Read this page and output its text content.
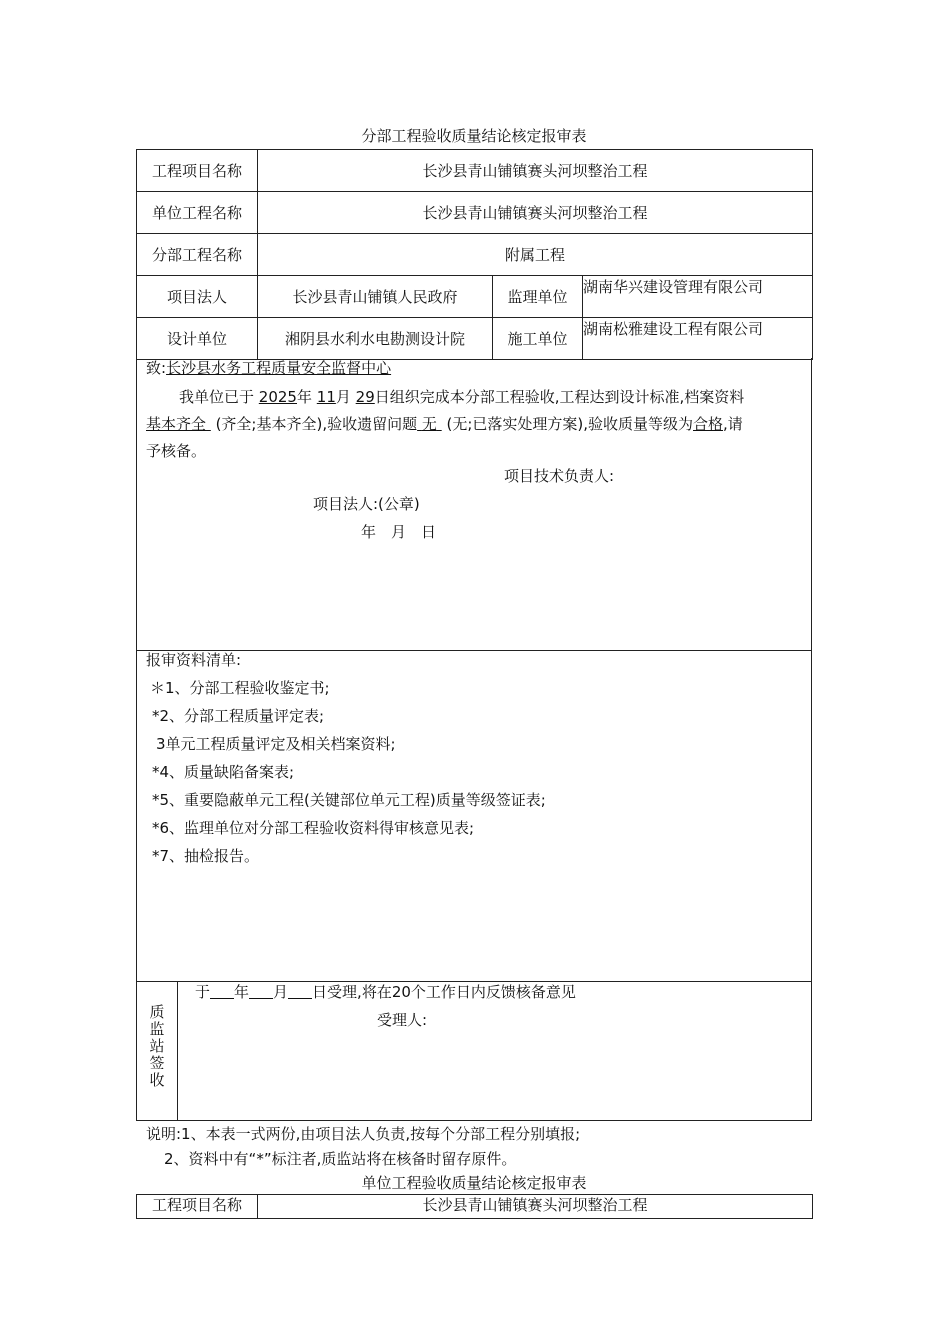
分部工程验收质量结论核定报审表
工程项目名称	长沙县青山铺镇赛头河坝整治工程		
单位工程名称	长沙县青山铺镇赛头河坝整治工程		
分部工程名称	附属工程		
项目法人	长沙县青山铺镇人民政府	监理单位	湖南华兴建设管理有限公司
设计单位	湘阴县水利水电勘测设计院	施工单位	湖南松雅建设工程有限公司
致:长沙县水务工程质量安全监督中心
我单位已于 2025年 11月 29日组织完成本分部工程验收,工程达到设计标准,档案资料
基本齐全 (齐全;基本齐全),验收遗留问题 无 (无;已落实处理方案),验收质量等级为合格,请
予核备。
项目技术负责人:
项目法人:(公章)
年　月　日
报审资料清单:
＊1、分部工程验收鉴定书;
*2、分部工程质量评定表;
3单元工程质量评定及相关档案资料;
*4、质量缺陷备案表;
*5、重要隐蔽单元工程(关键部位单元工程)质量等级签证表;
*6、监理单位对分部工程验收资料得审核意见表;
*7、抽检报告。
质监站签收
于 年 月 日受理,将在20个工作日内反馈核备意见
受理人:
说明:1、本表一式两份,由项目法人负责,按每个分部工程分别填报;
2、资料中有“*”标注者,质监站将在核备时留存原件。
单位工程验收质量结论核定报审表
工程项目名称	长沙县青山铺镇赛头河坝整治工程
